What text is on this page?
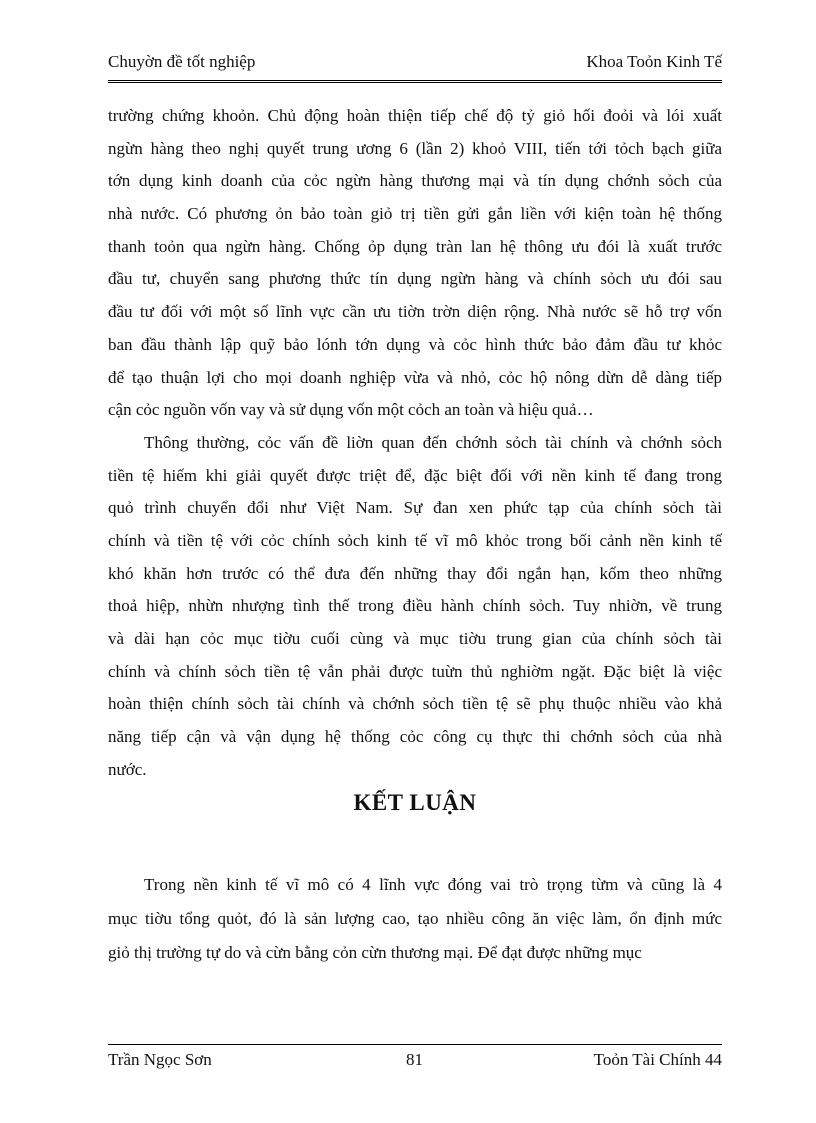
Chuyờn đề tốt nghiệp	Khoa Toỏn Kinh Tế
trường chứng khoỏn. Chủ động hoàn thiện tiếp chế độ tỷ giỏ hối đoỏi và lói xuất
ngừn hàng theo nghị quyết trung ương 6 (lần 2) khoỏ VIII, tiến tới tỏch bạch giữa
tớn dụng kinh doanh của cỏc ngừn hàng thương mại và tín dụng chớnh sỏch của
nhà nước. Có phương ỏn bảo toàn giỏ trị tiền gửi gắn liền với kiện toàn hệ thống
thanh toỏn qua ngừn hàng. Chống ỏp dụng tràn lan hệ thông ưu đói là xuất trước
đầu tư, chuyển sang phương thức tín dụng ngừn hàng và chính sỏch ưu đói sau
đầu tư đối với một số lĩnh vực cần ưu tiờn trờn diện rộng. Nhà nước sẽ hỗ trợ vốn
ban đầu thành lập quỹ bảo lónh tớn dụng và cỏc hình thức bảo đảm đầu tư khỏc
để tạo thuận lợi cho mọi doanh nghiệp vừa và nhỏ, cỏc hộ nông dừn dễ dàng tiếp
cận cỏc nguồn vốn vay và sử dụng vốn một cỏch an toàn và hiệu quả…
Thông thường, cỏc vấn đề liờn quan đến chớnh sỏch tài chính và chớnh sỏch
tiền tệ hiếm khi giải quyết được triệt để, đặc biệt đối với nền kinh tế đang trong
quỏ trình chuyển đổi như Việt Nam. Sự đan xen phức tạp của chính sỏch tài
chính và tiền tệ với cỏc chính sỏch kinh tế vĩ mô khỏc trong bối cảnh nền kinh tế
khó khăn hơn trước có thể đưa đến những thay đổi ngắn hạn, kốm theo những
thoả hiệp, nhừn nhượng tình thế trong điều hành chính sỏch. Tuy nhiờn, về trung
và dài hạn cỏc mục tiờu cuối cùng và mục tiờu trung gian của chính sỏch tài
chính và chính sỏch tiền tệ vẫn phải được tuừn thủ nghiờm ngặt. Đặc biệt là việc
hoàn thiện chính sỏch tài chính và chớnh sỏch tiền tệ sẽ phụ thuộc nhiều vào khả
năng tiếp cận và vận dụng hệ thống cỏc công cụ thực thi chớnh sỏch của nhà
nước.
KẾT LUẬN
Trong nền kinh tế vĩ mô có 4 lĩnh vực đóng vai trò trọng từm và cũng là 4
mục tiờu tổng quỏt, đó là sản lượng cao, tạo nhiều công ăn việc làm, ổn định mức
giỏ thị trường tự do và cừn bằng cỏn cừn thương mại. Để đạt được những mục
Trần Ngọc Sơn	81	Toỏn Tài Chính 44
